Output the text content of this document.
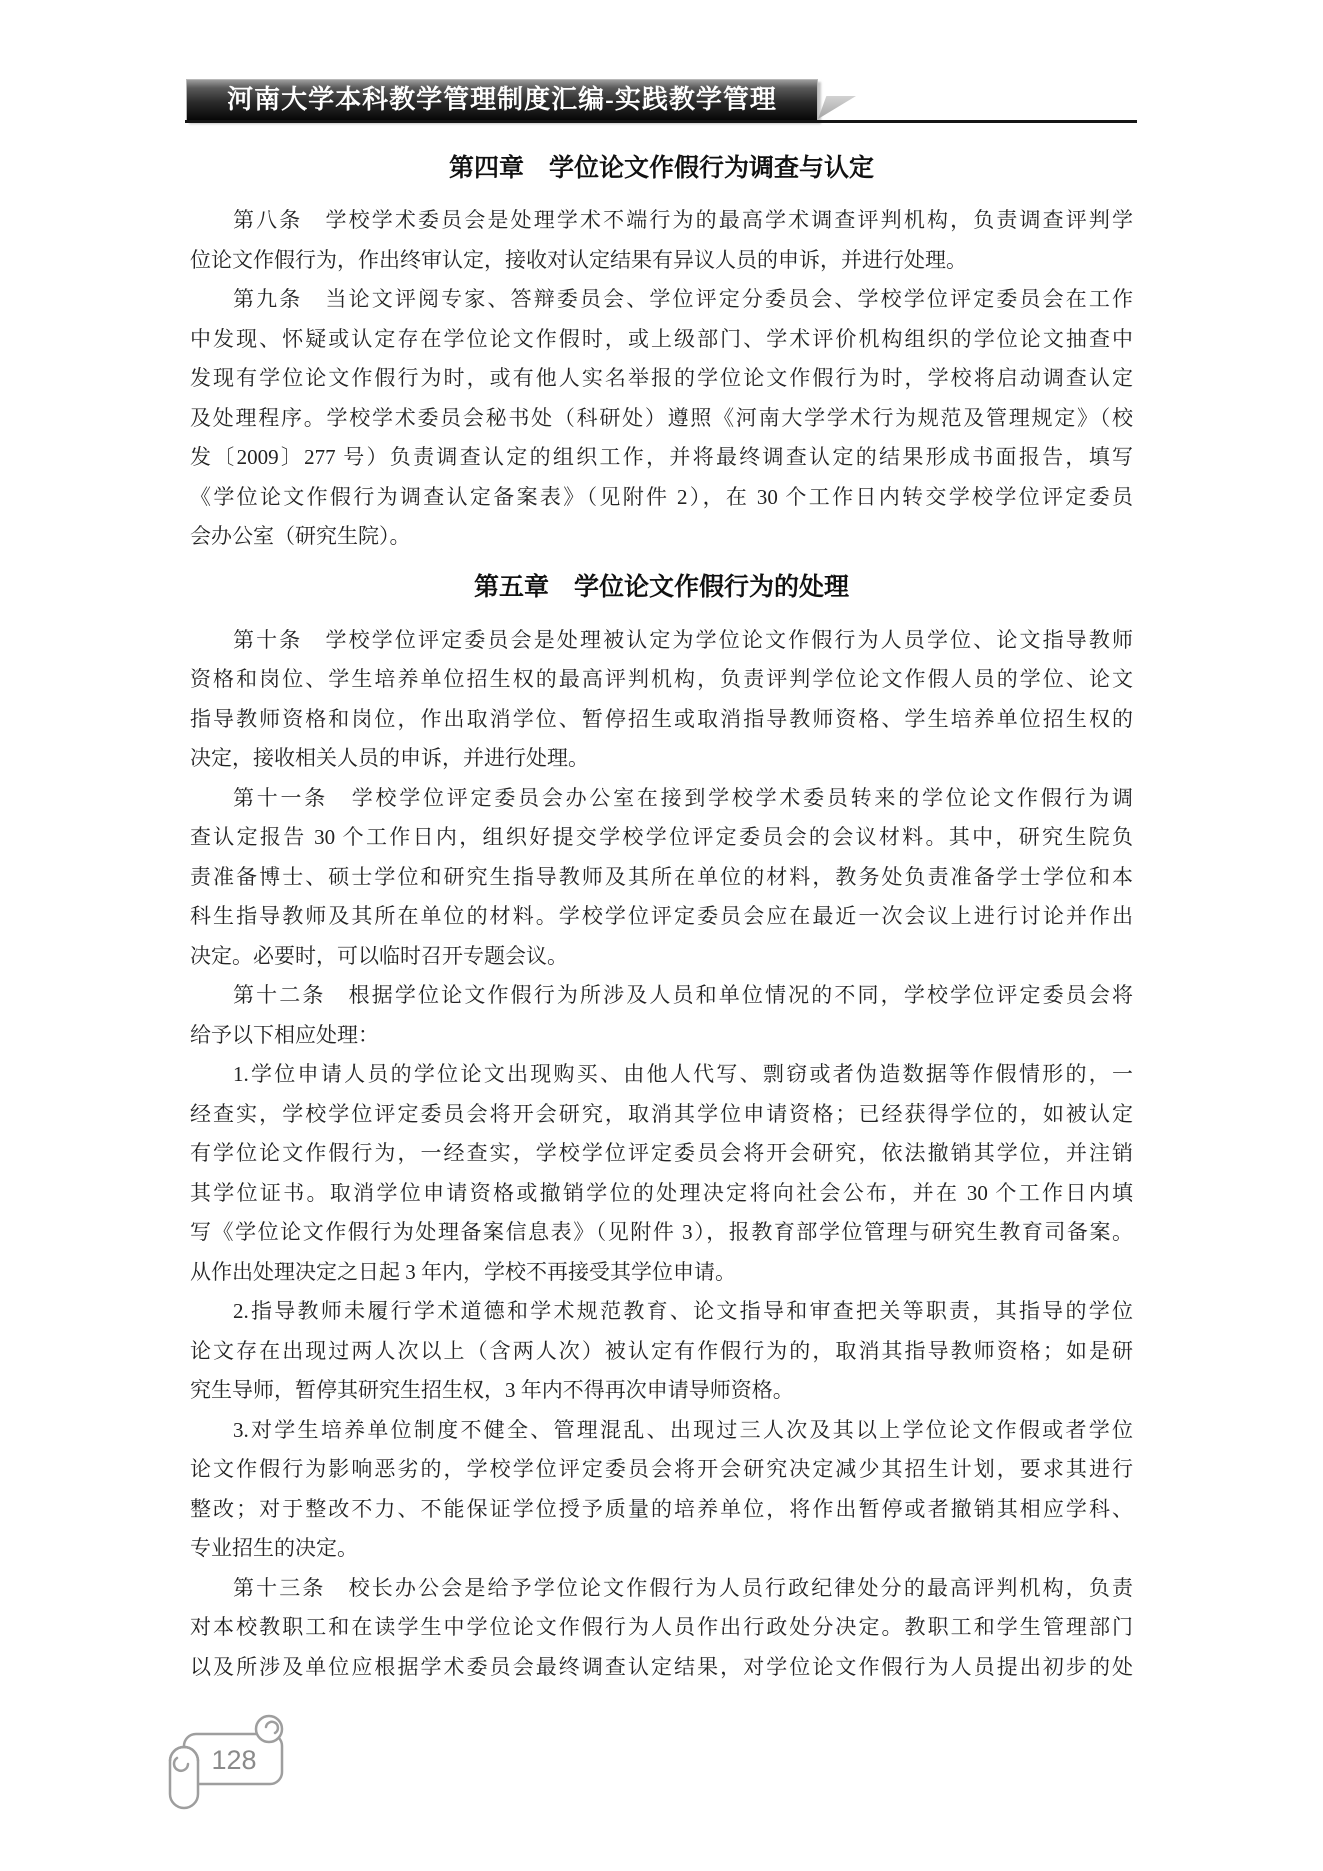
河南大学本科教学管理制度汇编-实践教学管理
第四章　学位论文作假行为调查与认定
第八条　学校学术委员会是处理学术不端行为的最高学术调查评判机构，负责调查评判学
位论文作假行为，作出终审认定，接收对认定结果有异议人员的申诉，并进行处理。
第九条　当论文评阅专家、答辩委员会、学位评定分委员会、学校学位评定委员会在工作
中发现、怀疑或认定存在学位论文作假时，或上级部门、学术评价机构组织的学位论文抽查中
发现有学位论文作假行为时，或有他人实名举报的学位论文作假行为时，学校将启动调查认定
及处理程序。学校学术委员会秘书处（科研处）遵照《河南大学学术行为规范及管理规定》（校
发〔2009〕277 号）负责调查认定的组织工作，并将最终调查认定的结果形成书面报告，填写
《学位论文作假行为调查认定备案表》（见附件 2），在 30 个工作日内转交学校学位评定委员
会办公室（研究生院）。
第五章　学位论文作假行为的处理
第十条　学校学位评定委员会是处理被认定为学位论文作假行为人员学位、论文指导教师
资格和岗位、学生培养单位招生权的最高评判机构，负责评判学位论文作假人员的学位、论文
指导教师资格和岗位，作出取消学位、暂停招生或取消指导教师资格、学生培养单位招生权的
决定，接收相关人员的申诉，并进行处理。
第十一条　学校学位评定委员会办公室在接到学校学术委员转来的学位论文作假行为调
查认定报告 30 个工作日内，组织好提交学校学位评定委员会的会议材料。其中，研究生院负
责准备博士、硕士学位和研究生指导教师及其所在单位的材料，教务处负责准备学士学位和本
科生指导教师及其所在单位的材料。学校学位评定委员会应在最近一次会议上进行讨论并作出
决定。必要时，可以临时召开专题会议。
第十二条　根据学位论文作假行为所涉及人员和单位情况的不同，学校学位评定委员会将
给予以下相应处理：
1.学位申请人员的学位论文出现购买、由他人代写、剽窃或者伪造数据等作假情形的，一
经查实，学校学位评定委员会将开会研究，取消其学位申请资格；已经获得学位的，如被认定
有学位论文作假行为，一经查实，学校学位评定委员会将开会研究，依法撤销其学位，并注销
其学位证书。取消学位申请资格或撤销学位的处理决定将向社会公布，并在 30 个工作日内填
写《学位论文作假行为处理备案信息表》（见附件 3），报教育部学位管理与研究生教育司备案。
从作出处理决定之日起 3 年内，学校不再接受其学位申请。
2.指导教师未履行学术道德和学术规范教育、论文指导和审查把关等职责，其指导的学位
论文存在出现过两人次以上（含两人次）被认定有作假行为的，取消其指导教师资格；如是研
究生导师，暂停其研究生招生权，3 年内不得再次申请导师资格。
3.对学生培养单位制度不健全、管理混乱、出现过三人次及其以上学位论文作假或者学位
论文作假行为影响恶劣的，学校学位评定委员会将开会研究决定减少其招生计划，要求其进行
整改；对于整改不力、不能保证学位授予质量的培养单位，将作出暂停或者撤销其相应学科、
专业招生的决定。
第十三条　校长办公会是给予学位论文作假行为人员行政纪律处分的最高评判机构，负责
对本校教职工和在读学生中学位论文作假行为人员作出行政处分决定。教职工和学生管理部门
以及所涉及单位应根据学术委员会最终调查认定结果，对学位论文作假行为人员提出初步的处
128
